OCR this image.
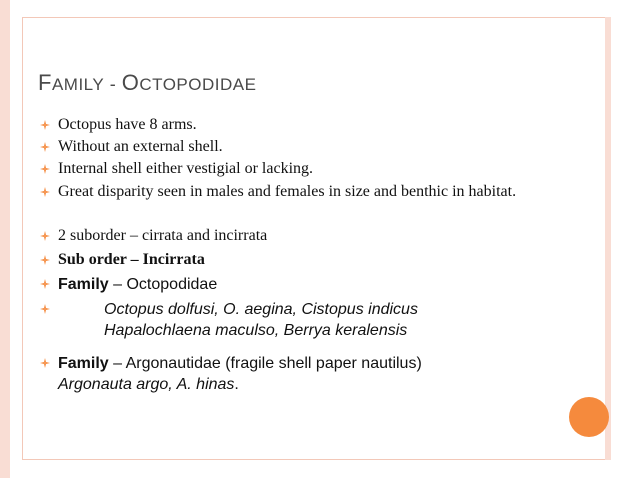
FAMILY - OCTOPODIDAE
Octopus have 8 arms.
Without an external shell.
Internal shell either vestigial or lacking.
Great disparity seen in males and females in size and benthic in habitat.
2 suborder – cirrata and incirrata
Sub order – Incirrata
Family – Octopodidae
Octopus dolfusi, O. aegina, Cistopus indicus
Hapalochlaena maculso, Berrya keralensis
Family – Argonautidae (fragile shell paper nautilus)
Argonauta argo, A. hinas.
